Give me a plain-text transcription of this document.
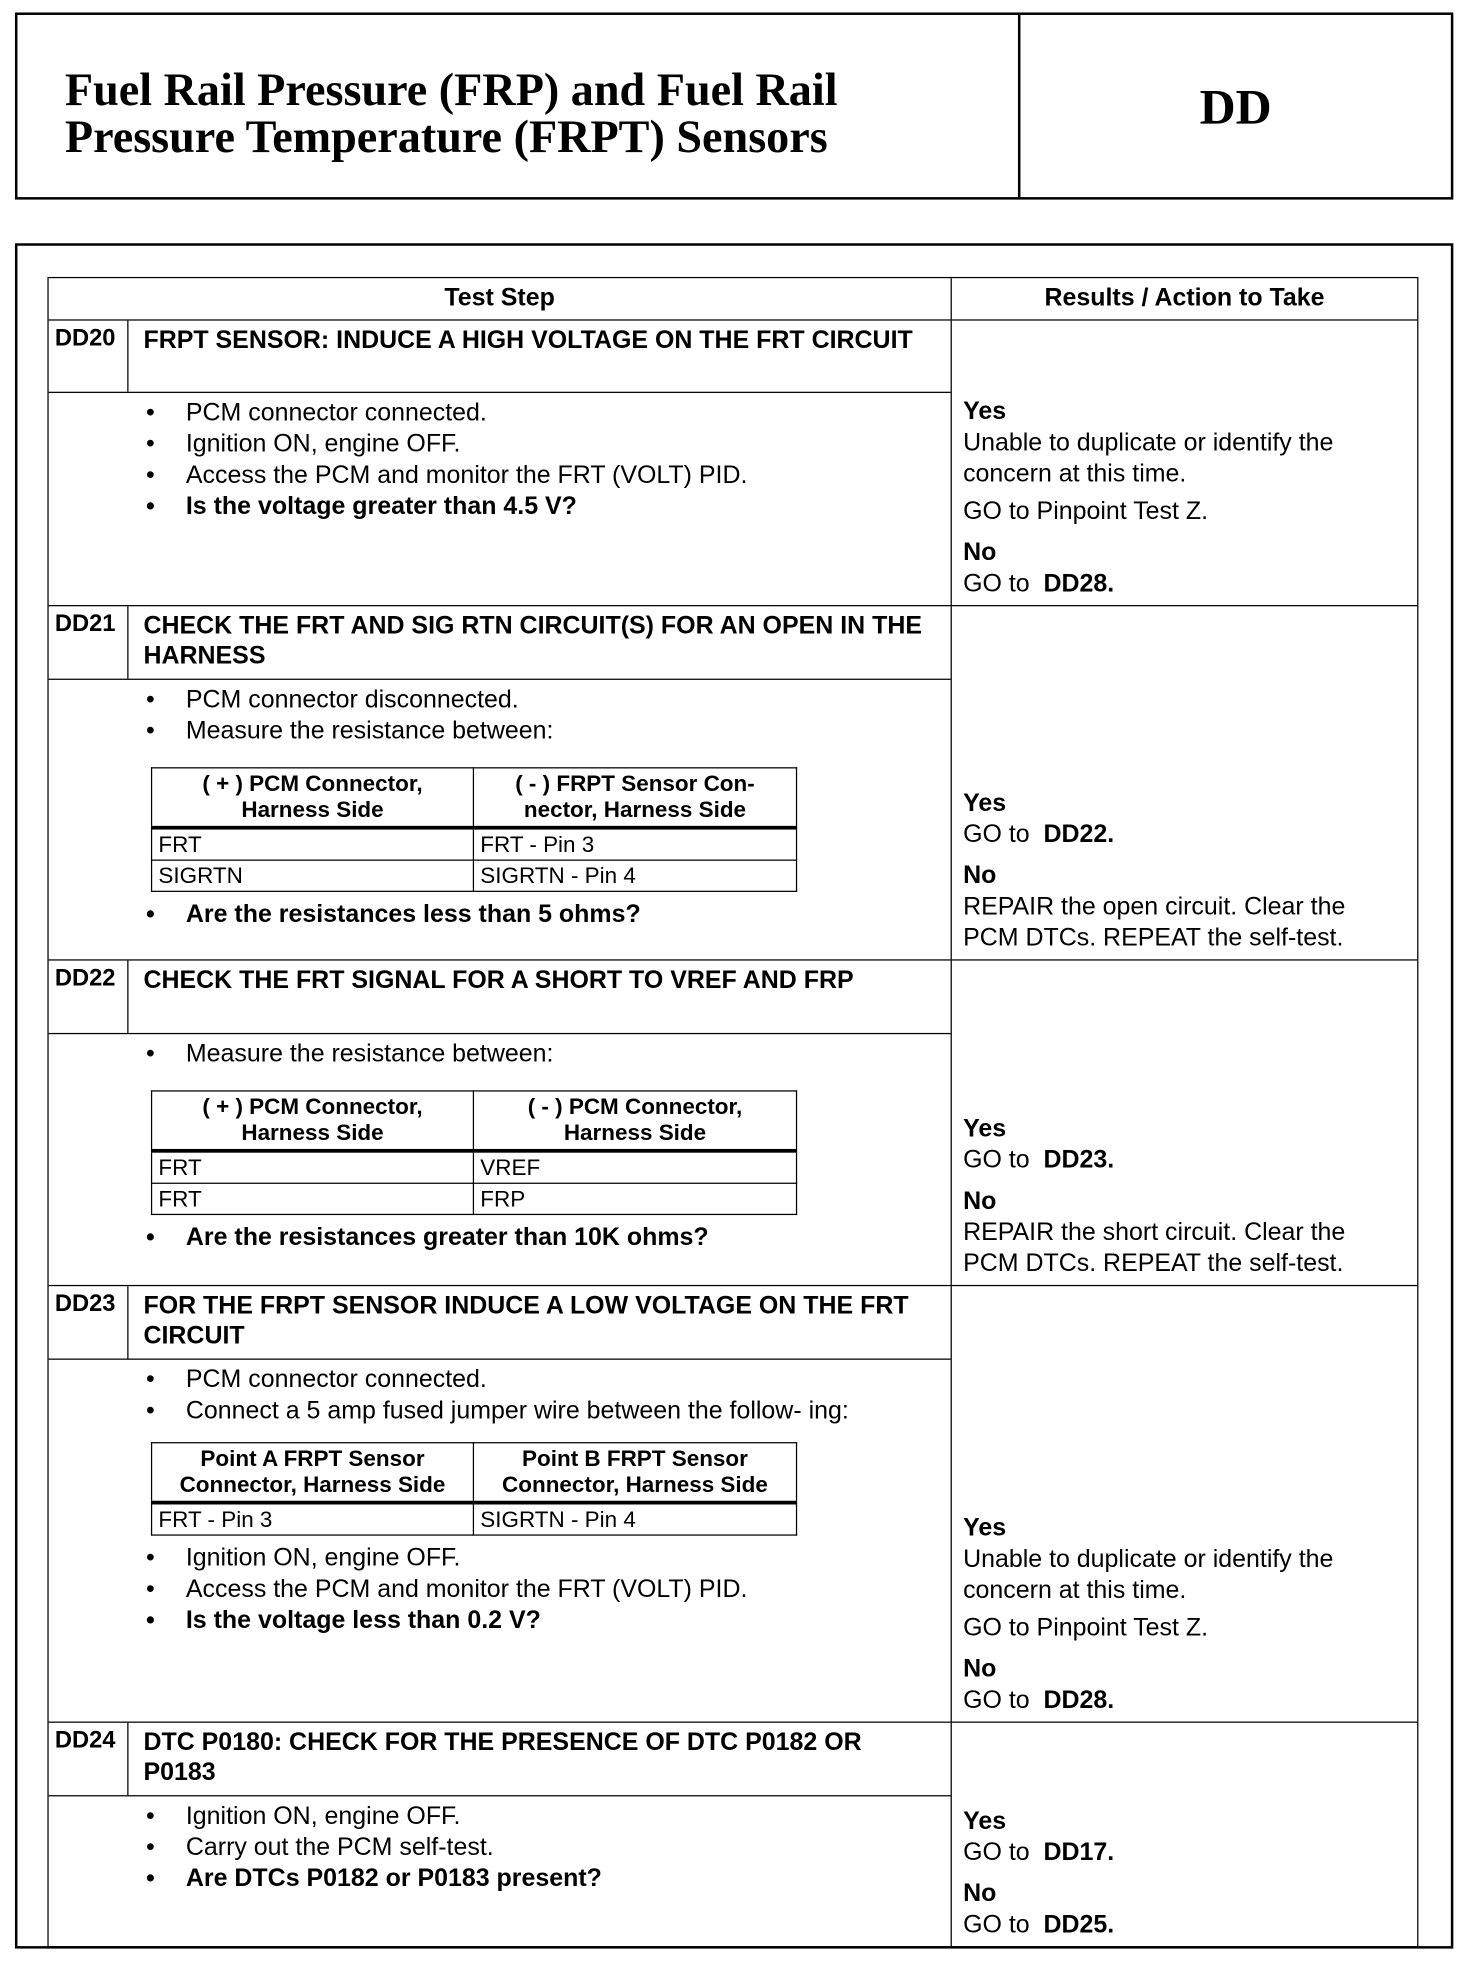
Fuel Rail Pressure (FRP) and Fuel Rail
Pressure Temperature (FRPT) Sensors
DD
Test Step	Results / Action to Take
DD20	FRPT SENSOR: INDUCE A HIGH VOLTAGE ON THE FRT CIRCUIT
• PCM connector connected.
• Ignition ON, engine OFF.
• Access the PCM and monitor the FRT (VOLT) PID.
• Is the voltage greater than 4.5 V?

Yes

Unable to duplicate or identify the concern at this time.

GO to Pinpoint Test Z.

No

GO to DD28.

DD21	CHECK THE FRT AND SIG RTN CIRCUIT(S) FOR AN OPEN IN THE HARNESS
• PCM connector disconnected.
• Measure the resistance between:
( + ) PCM Connector, Harness Side	( - ) FRPT Sensor Con- nector, Harness Side
FRT	FRT - Pin 3
SIGRTN	SIGRTN - Pin 4
• Are the resistances less than 5 ohms?

Yes

GO to DD22.

No

REPAIR the open circuit. Clear the PCM DTCs. REPEAT the self-test.

DD22	CHECK THE FRT SIGNAL FOR A SHORT TO VREF AND FRP
• Measure the resistance between:
( + ) PCM Connector, Harness Side	( - ) PCM Connector, Harness Side
FRT	VREF
FRT	FRP
• Are the resistances greater than 10K ohms?

Yes

GO to DD23.

No

REPAIR the short circuit. Clear the PCM DTCs. REPEAT the self-test.

DD23	FOR THE FRPT SENSOR INDUCE A LOW VOLTAGE ON THE FRT CIRCUIT
• PCM connector connected.
• Connect a 5 amp fused jumper wire between the follow- ing:
Point A FRPT Sensor Connector, Harness Side	Point B FRPT Sensor Connector, Harness Side
FRT - Pin 3	SIGRTN - Pin 4
• Ignition ON, engine OFF.
• Access the PCM and monitor the FRT (VOLT) PID.
• Is the voltage less than 0.2 V?

Yes

Unable to duplicate or identify the concern at this time.

GO to Pinpoint Test Z.

No

GO to DD28.

DD24	DTC P0180: CHECK FOR THE PRESENCE OF DTC P0182 OR P0183
• Ignition ON, engine OFF.
• Carry out the PCM self-test.
• Are DTCs P0182 or P0183 present?

Yes

GO to DD17.

No

GO to DD25.
